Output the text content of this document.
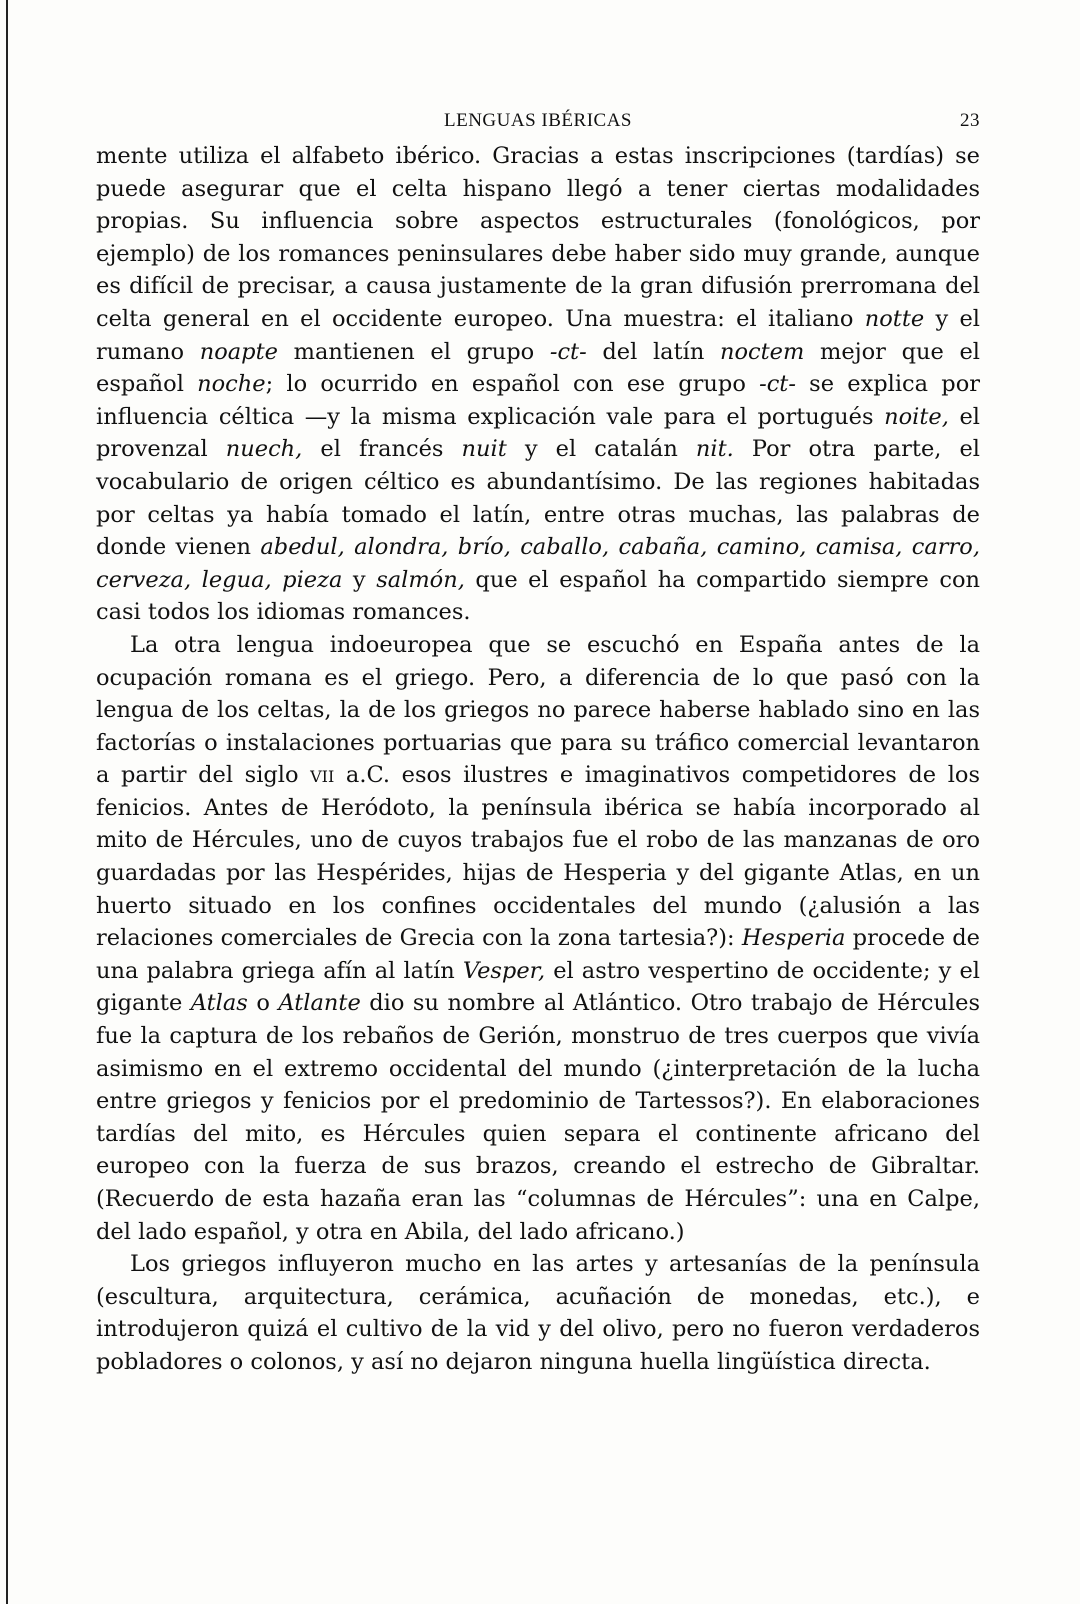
LENGUAS IBÉRICAS	23

mente utiliza el alfabeto ibérico. Gracias a estas inscripciones (tardías) se puede asegurar que el celta hispano llegó a tener ciertas modalidades propias. Su influencia sobre aspectos estructurales (fonológicos, por ejemplo) de los romances peninsulares debe haber sido muy grande, aunque es difícil de precisar, a causa justamente de la gran difusión prerromana del celta general en el occidente europeo. Una muestra: el italiano notte y el rumano noapte mantienen el grupo -ct- del latín noctem mejor que el español noche; lo ocurrido en español con ese grupo -ct- se explica por influencia céltica —y la misma explicación vale para el portugués noite, el provenzal nuech, el francés nuit y el catalán nit. Por otra parte, el vocabulario de origen céltico es abundantísimo. De las regiones habitadas por celtas ya había tomado el latín, entre otras muchas, las palabras de donde vienen abedul, alondra, brío, caballo, cabaña, camino, camisa, carro, cerveza, legua, pieza y salmón, que el español ha compartido siempre con casi todos los idiomas romances.

La otra lengua indoeuropea que se escuchó en España antes de la ocupación romana es el griego. Pero, a diferencia de lo que pasó con la lengua de los celtas, la de los griegos no parece haberse hablado sino en las factorías o instalaciones portuarias que para su tráfico comercial levantaron a partir del siglo vii a.C. esos ilustres e imaginativos competidores de los fenicios. Antes de Heródoto, la península ibérica se había incorporado al mito de Hércules, uno de cuyos trabajos fue el robo de las manzanas de oro guardadas por las Hespérides, hijas de Hesperia y del gigante Atlas, en un huerto situado en los confines occidentales del mundo (¿alusión a las relaciones comerciales de Grecia con la zona tartesia?): Hesperia procede de una palabra griega afín al latín Vesper, el astro vespertino de occidente; y el gigante Atlas o Atlante dio su nombre al Atlántico. Otro trabajo de Hércules fue la captura de los rebaños de Gerión, monstruo de tres cuerpos que vivía asimismo en el extremo occidental del mundo (¿interpretación de la lucha entre griegos y fenicios por el predominio de Tartessos?). En elaboraciones tardías del mito, es Hércules quien separa el continente africano del europeo con la fuerza de sus brazos, creando el estrecho de Gibraltar. (Recuerdo de esta hazaña eran las “columnas de Hércules”: una en Calpe, del lado español, y otra en Abila, del lado africano.)

Los griegos influyeron mucho en las artes y artesanías de la península (escultura, arquitectura, cerámica, acuñación de monedas, etc.), e introdujeron quizá el cultivo de la vid y del olivo, pero no fueron verdaderos pobladores o colonos, y así no dejaron ninguna huella lingüística directa.
